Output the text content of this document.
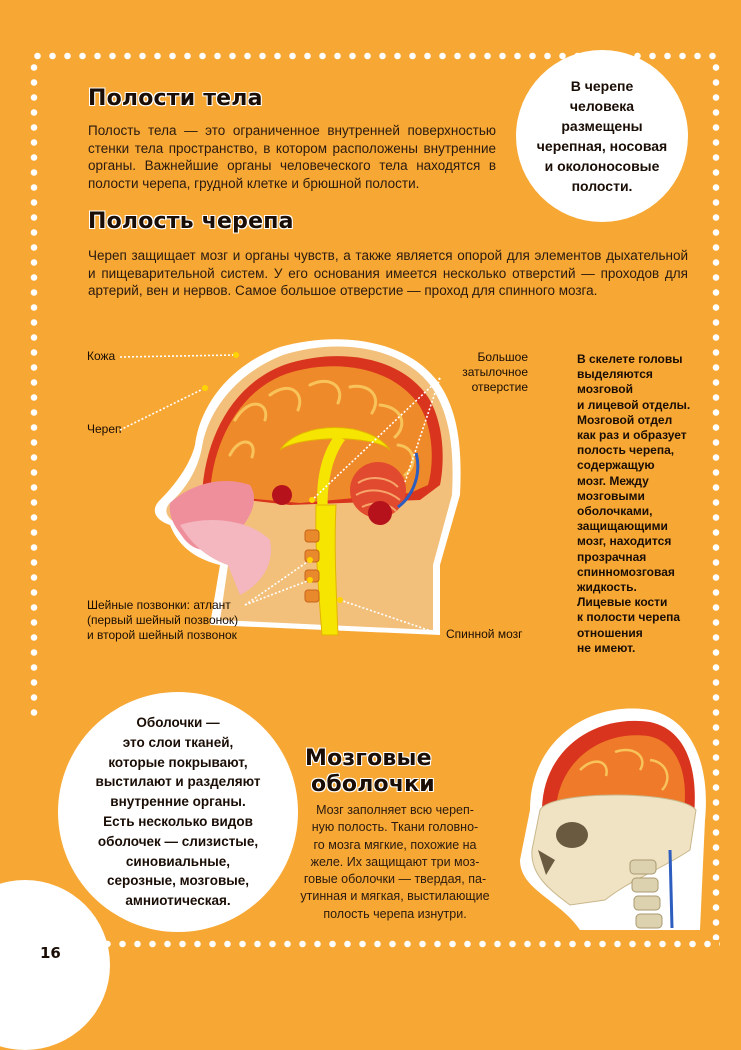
Полости тела

Полость тела — это ограниченное внутренней поверхностью стенки тела пространство, в котором расположены внутренние органы. Важнейшие органы человеческого тела находятся в полости черепа, грудной клетке и брюшной полости.

В черепе
человека
размещены
черепная, носовая
и околоносовые
полости.
Полость черепа

Череп защищает мозг и органы чувств, а также является опорой для элементов дыхательной и пищеварительной систем. У его основания имеется несколько отверстий — проходов для артерий, вен и нервов. Самое большое отверстие — проход для спинного мозга.

Кожа
Череп
Большое
затылочное
отверстие
Шейные позвонки: атлант
(первый шейный позвонок)
и второй шейный позвонок	Спинной мозг
В скелете головы
выделяются
мозговой
и лицевой отделы.
Мозговой отдел
как раз и образует
полость черепа,
содержащую
мозг. Между
мозговыми
оболочками,
защищающими
мозг, находится
прозрачная
спинномозговая
жидкость.
Лицевые кости
к полости черепа
отношения
не имеют.
Оболочки —
это слои тканей,
которые покрывают,
выстилают и разделяют
внутренние органы.
Есть несколько видов
оболочек — слизистые,
синовиальные,
серозные, мозговые,
амниотическая.
Мозговые
оболочки
Мозг заполняет всю череп-
ную полость. Ткани головно-
го мозга мягкие, похожие на
желе. Их защищают три моз-
говые оболочки — твердая, па-
утинная и мягкая, выстилающие
полость черепа изнутри.
16
